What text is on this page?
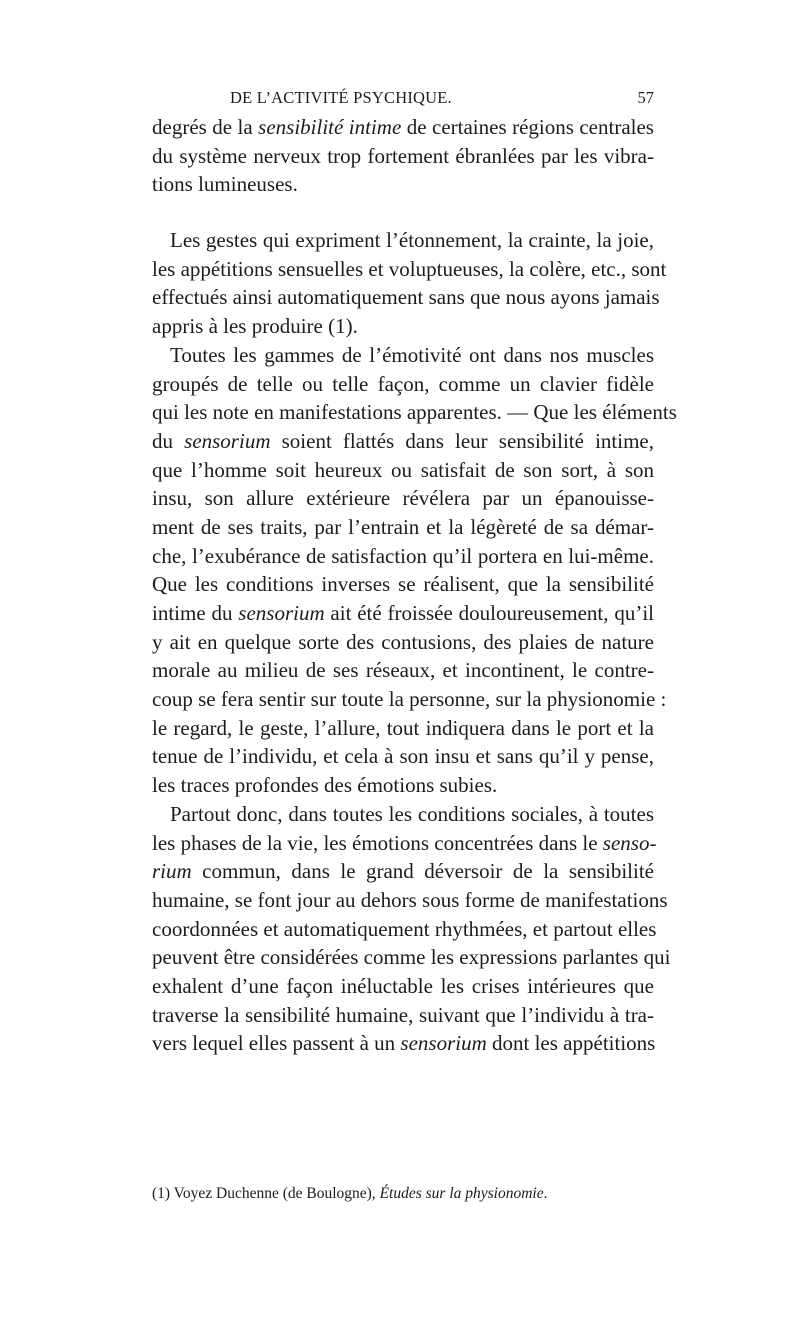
DE L’ACTIVITÉ PSYCHIQUE.	57
degrés de la sensibilité intime de certaines régions centrales
du système nerveux trop fortement ébranlées par les vibra-
tions lumineuses.
Les gestes qui expriment l’étonnement, la crainte, la joie,
les appétitions sensuelles et voluptueuses, la colère, etc., sont
effectués ainsi automatiquement sans que nous ayons jamais
appris à les produire (1).
Toutes les gammes de l’émotivité ont dans nos muscles
groupés de telle ou telle façon, comme un clavier fidèle
qui les note en manifestations apparentes. — Que les éléments
du sensorium soient flattés dans leur sensibilité intime,
que l’homme soit heureux ou satisfait de son sort, à son
insu, son allure extérieure révélera par un épanouisse-
ment de ses traits, par l’entrain et la légèreté de sa démar-
che, l’exubérance de satisfaction qu’il portera en lui-même.
Que les conditions inverses se réalisent, que la sensibilité
intime du sensorium ait été froissée douloureusement, qu’il
y ait en quelque sorte des contusions, des plaies de nature
morale au milieu de ses réseaux, et incontinent, le contre-
coup se fera sentir sur toute la personne, sur la physionomie :
le regard, le geste, l’allure, tout indiquera dans le port et la
tenue de l’individu, et cela à son insu et sans qu’il y pense,
les traces profondes des émotions subies.
Partout donc, dans toutes les conditions sociales, à toutes
les phases de la vie, les émotions concentrées dans le senso-
rium commun, dans le grand déversoir de la sensibilité
humaine, se font jour au dehors sous forme de manifestations
coordonnées et automatiquement rhythmées, et partout elles
peuvent être considérées comme les expressions parlantes qui
exhalent d’une façon inéluctable les crises intérieures que
traverse la sensibilité humaine, suivant que l’individu à tra-
vers lequel elles passent à un sensorium dont les appétitions
(1) Voyez Duchenne (de Boulogne), Études sur la physionomie.
